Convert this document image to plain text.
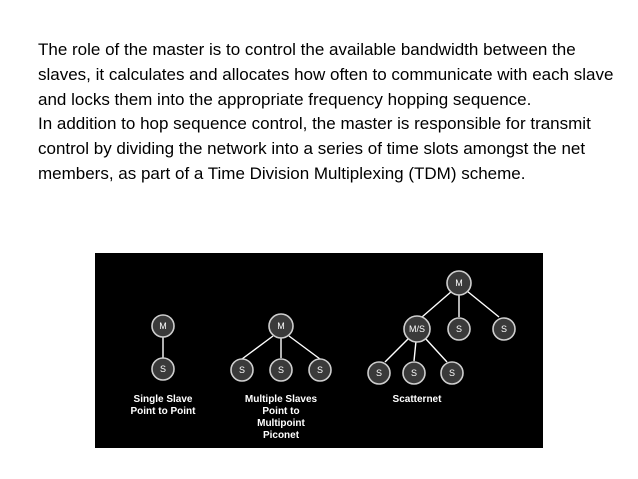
The role of the master is to control the available bandwidth between the slaves, it calculates and allocates how often to communicate with each slave and locks them into the appropriate frequency hopping sequence.

In addition to hop sequence control, the master is responsible for transmit control by dividing the network into a series of time slots amongst the net members, as part of a Time Division Multiplexing (TDM) scheme.

M
S
M
S	S	S
M
M/S	S	S
S	S	S
Single Slave
Point to Point
Multiple Slaves
Point to
Multipoint
Piconet
Scatternet
